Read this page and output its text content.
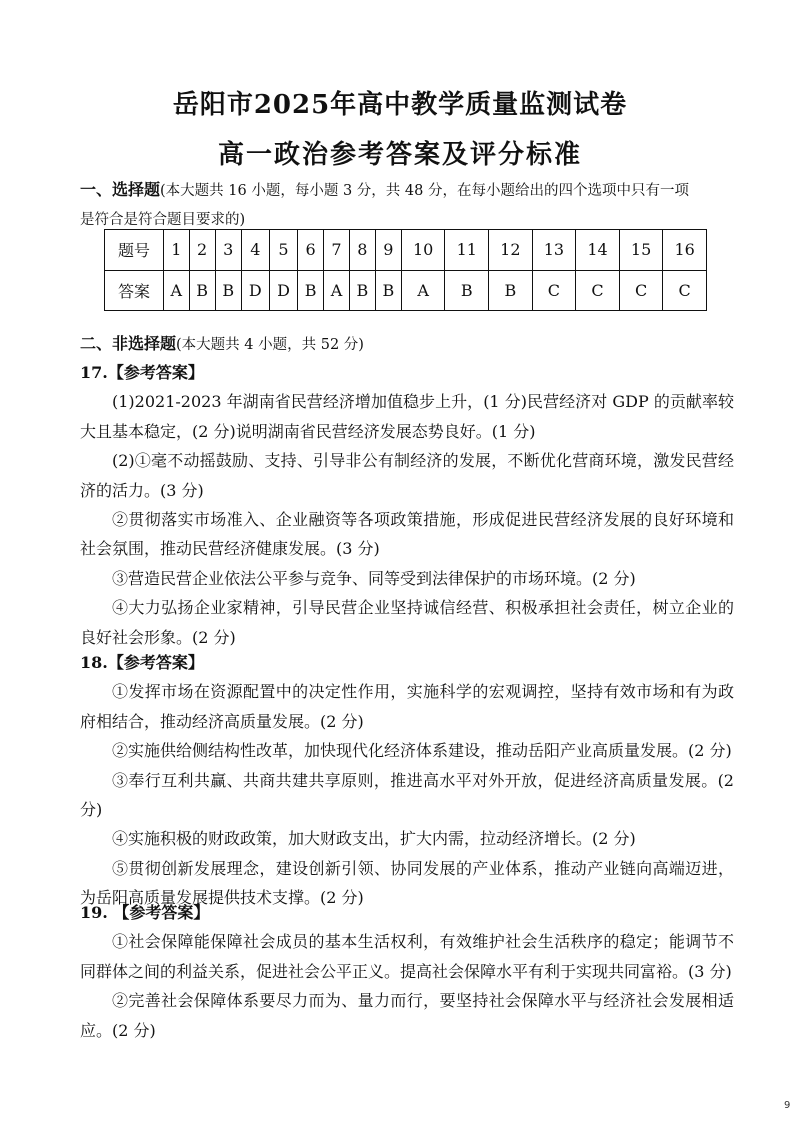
岳阳市2025年高中教学质量监测试卷
高一政治参考答案及评分标准
一、选择题(本大题共 16 小题，每小题 3 分，共 48 分，在每小题给出的四个选项中只有一项
是符合是符合题目要求的)
题号	1	2	3	4	5	6	7	8	9	10	11	12	13	14	15	16
答案	A	B	B	D	D	B	A	B	B	A	B	B	C	C	C	C
二、非选择题(本大题共 4 小题，共 52 分)
17.【参考答案】

(1)2021-2023 年湖南省民营经济增加值稳步上升，(1 分)民营经济对 GDP 的贡献率较大且基本稳定，(2 分)说明湖南省民营经济发展态势良好。(1 分)

(2)①毫不动摇鼓励、支持、引导非公有制经济的发展，不断优化营商环境，激发民营经济的活力。(3 分)

②贯彻落实市场准入、企业融资等各项政策措施，形成促进民营经济发展的良好环境和社会氛围，推动民营经济健康发展。(3 分)

③营造民营企业依法公平参与竞争、同等受到法律保护的市场环境。(2 分)

④大力弘扬企业家精神，引导民营企业坚持诚信经营、积极承担社会责任，树立企业的良好社会形象。(2 分)

18.【参考答案】

①发挥市场在资源配置中的决定性作用，实施科学的宏观调控，坚持有效市场和有为政府相结合，推动经济高质量发展。(2 分)

②实施供给侧结构性改革，加快现代化经济体系建设，推动岳阳产业高质量发展。(2 分)

③奉行互利共赢、共商共建共享原则，推进高水平对外开放，促进经济高质量发展。(2 分)

④实施积极的财政政策，加大财政支出，扩大内需，拉动经济增长。(2 分)

⑤贯彻创新发展理念，建设创新引领、协同发展的产业体系，推动产业链向高端迈进，为岳阳高质量发展提供技术支撑。(2 分)

19. 【参考答案】

①社会保障能保障社会成员的基本生活权利，有效维护社会生活秩序的稳定；能调节不同群体之间的利益关系，促进社会公平正义。提高社会保障水平有利于实现共同富裕。(3 分)

②完善社会保障体系要尽力而为、量力而行，要坚持社会保障水平与经济社会发展相适应。(2 分)

9
